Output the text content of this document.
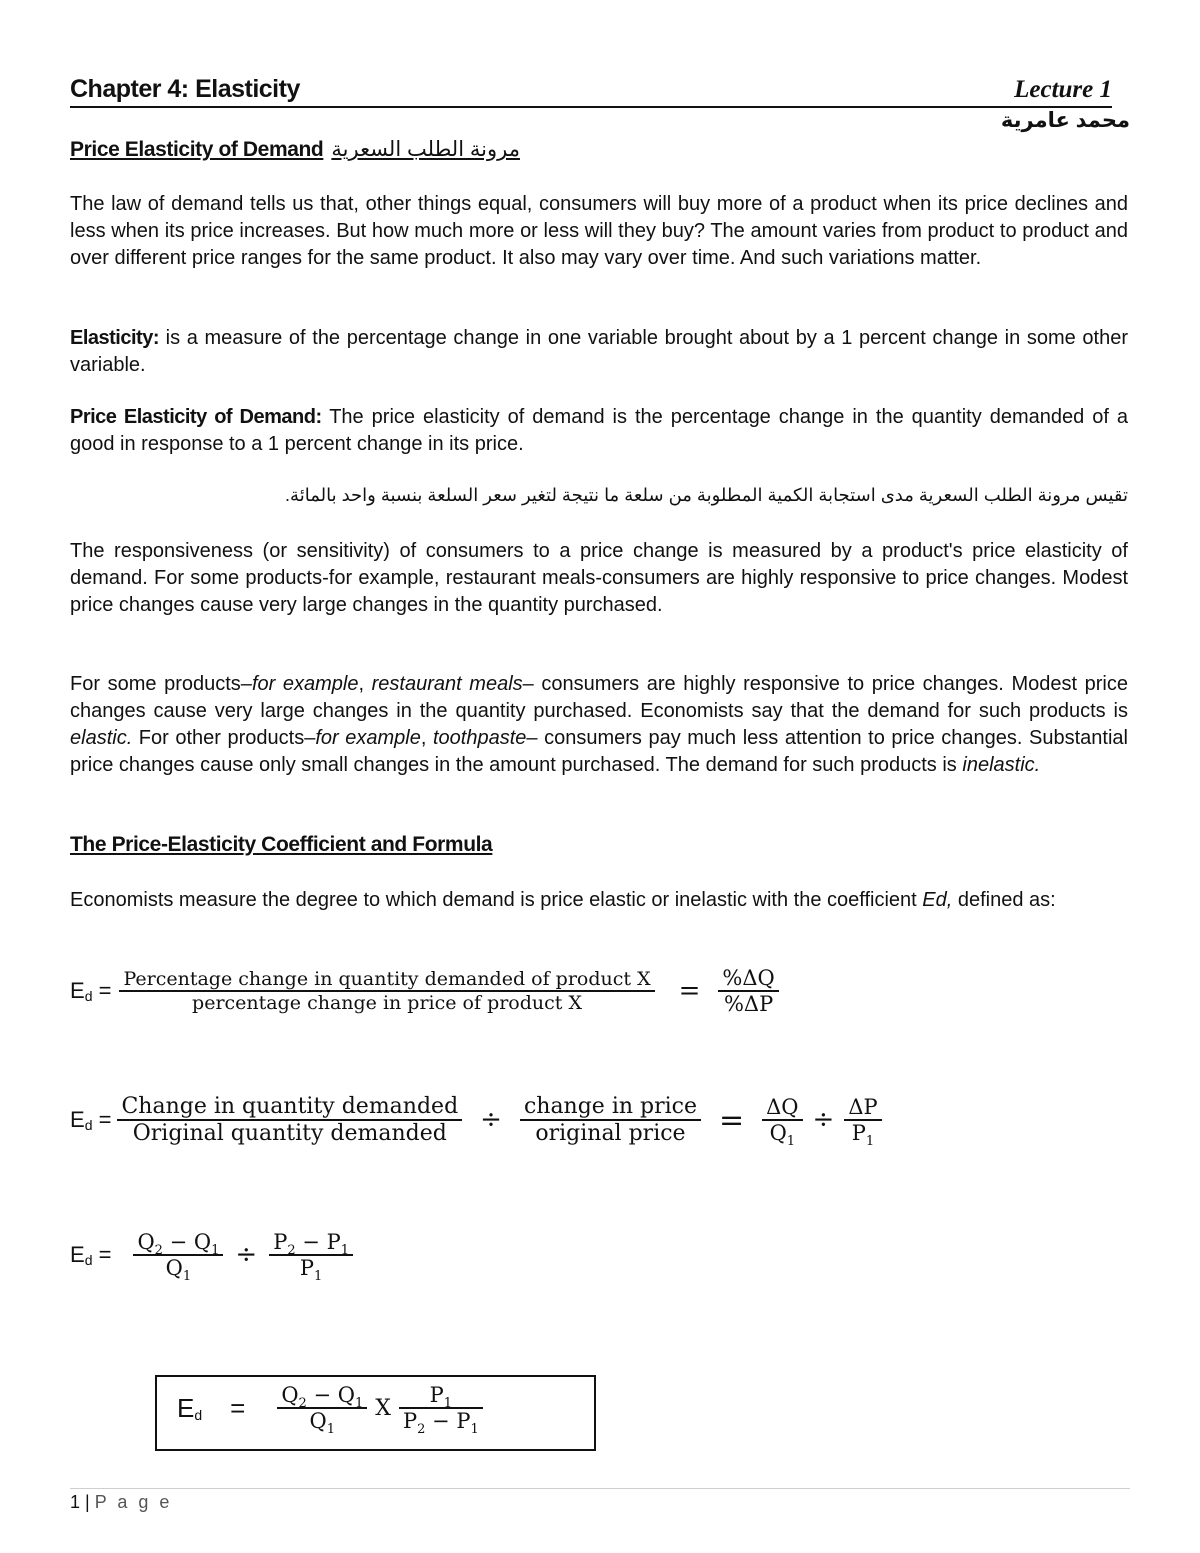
Chapter 4: Elasticity	Lecture 1
محمد عامرية
Price Elasticity of Demand مرونة الطلب السعرية

The law of demand tells us that, other things equal, consumers will buy more of a product when its price declines and less when its price increases. But how much more or less will they buy? The amount varies from product to product and over different price ranges for the same product. It also may vary over time. And such variations matter.

Elasticity: is a measure of the percentage change in one variable brought about by a 1 percent change in some other variable.

Price Elasticity of Demand: The price elasticity of demand is the percentage change in the quantity demanded of a good in response to a 1 percent change in its price.

تقيس مرونة الطلب السعرية مدى استجابة الكمية المطلوبة من سلعة ما نتيجة لتغير سعر السلعة بنسبة واحد بالمائة.

The responsiveness (or sensitivity) of consumers to a price change is measured by a product's price elasticity of demand. For some products-for example, restaurant meals-consumers are highly responsive to price changes. Modest price changes cause very large changes in the quantity purchased.

For some products–for example, restaurant meals– consumers are highly responsive to price changes. Modest price changes cause very large changes in the quantity purchased. Economists say that the demand for such products is elastic. For other products–for example, toothpaste– consumers pay much less attention to price changes. Substantial price changes cause only small changes in the amount purchased. The demand for such products is inelastic.

The Price-Elasticity Coefficient and Formula

Economists measure the degree to which demand is price elastic or inelastic with the coefficient Ed, defined as:

$E_d = \frac{\text{Percentage change in quantity demanded of product X}}{\text{percentage change in price of product X}} = \frac{\%\Delta Q}{\%\Delta P}$
$E_d = \frac{\text{Change in quantity demanded}}{\text{Original quantity demanded}} \div \frac{\text{change in price}}{\text{original price}} = \frac{\Delta Q}{Q_1} \div \frac{\Delta P}{P_1}$
$E_d = \frac{Q_2 - Q_1}{Q_1} \div \frac{P_2 - P_1}{P_1}$
$E_d = \frac{Q_2 - Q_1}{Q_1}$ X $\frac{P_1}{P_2 - P_1}$
1 | P a g e
